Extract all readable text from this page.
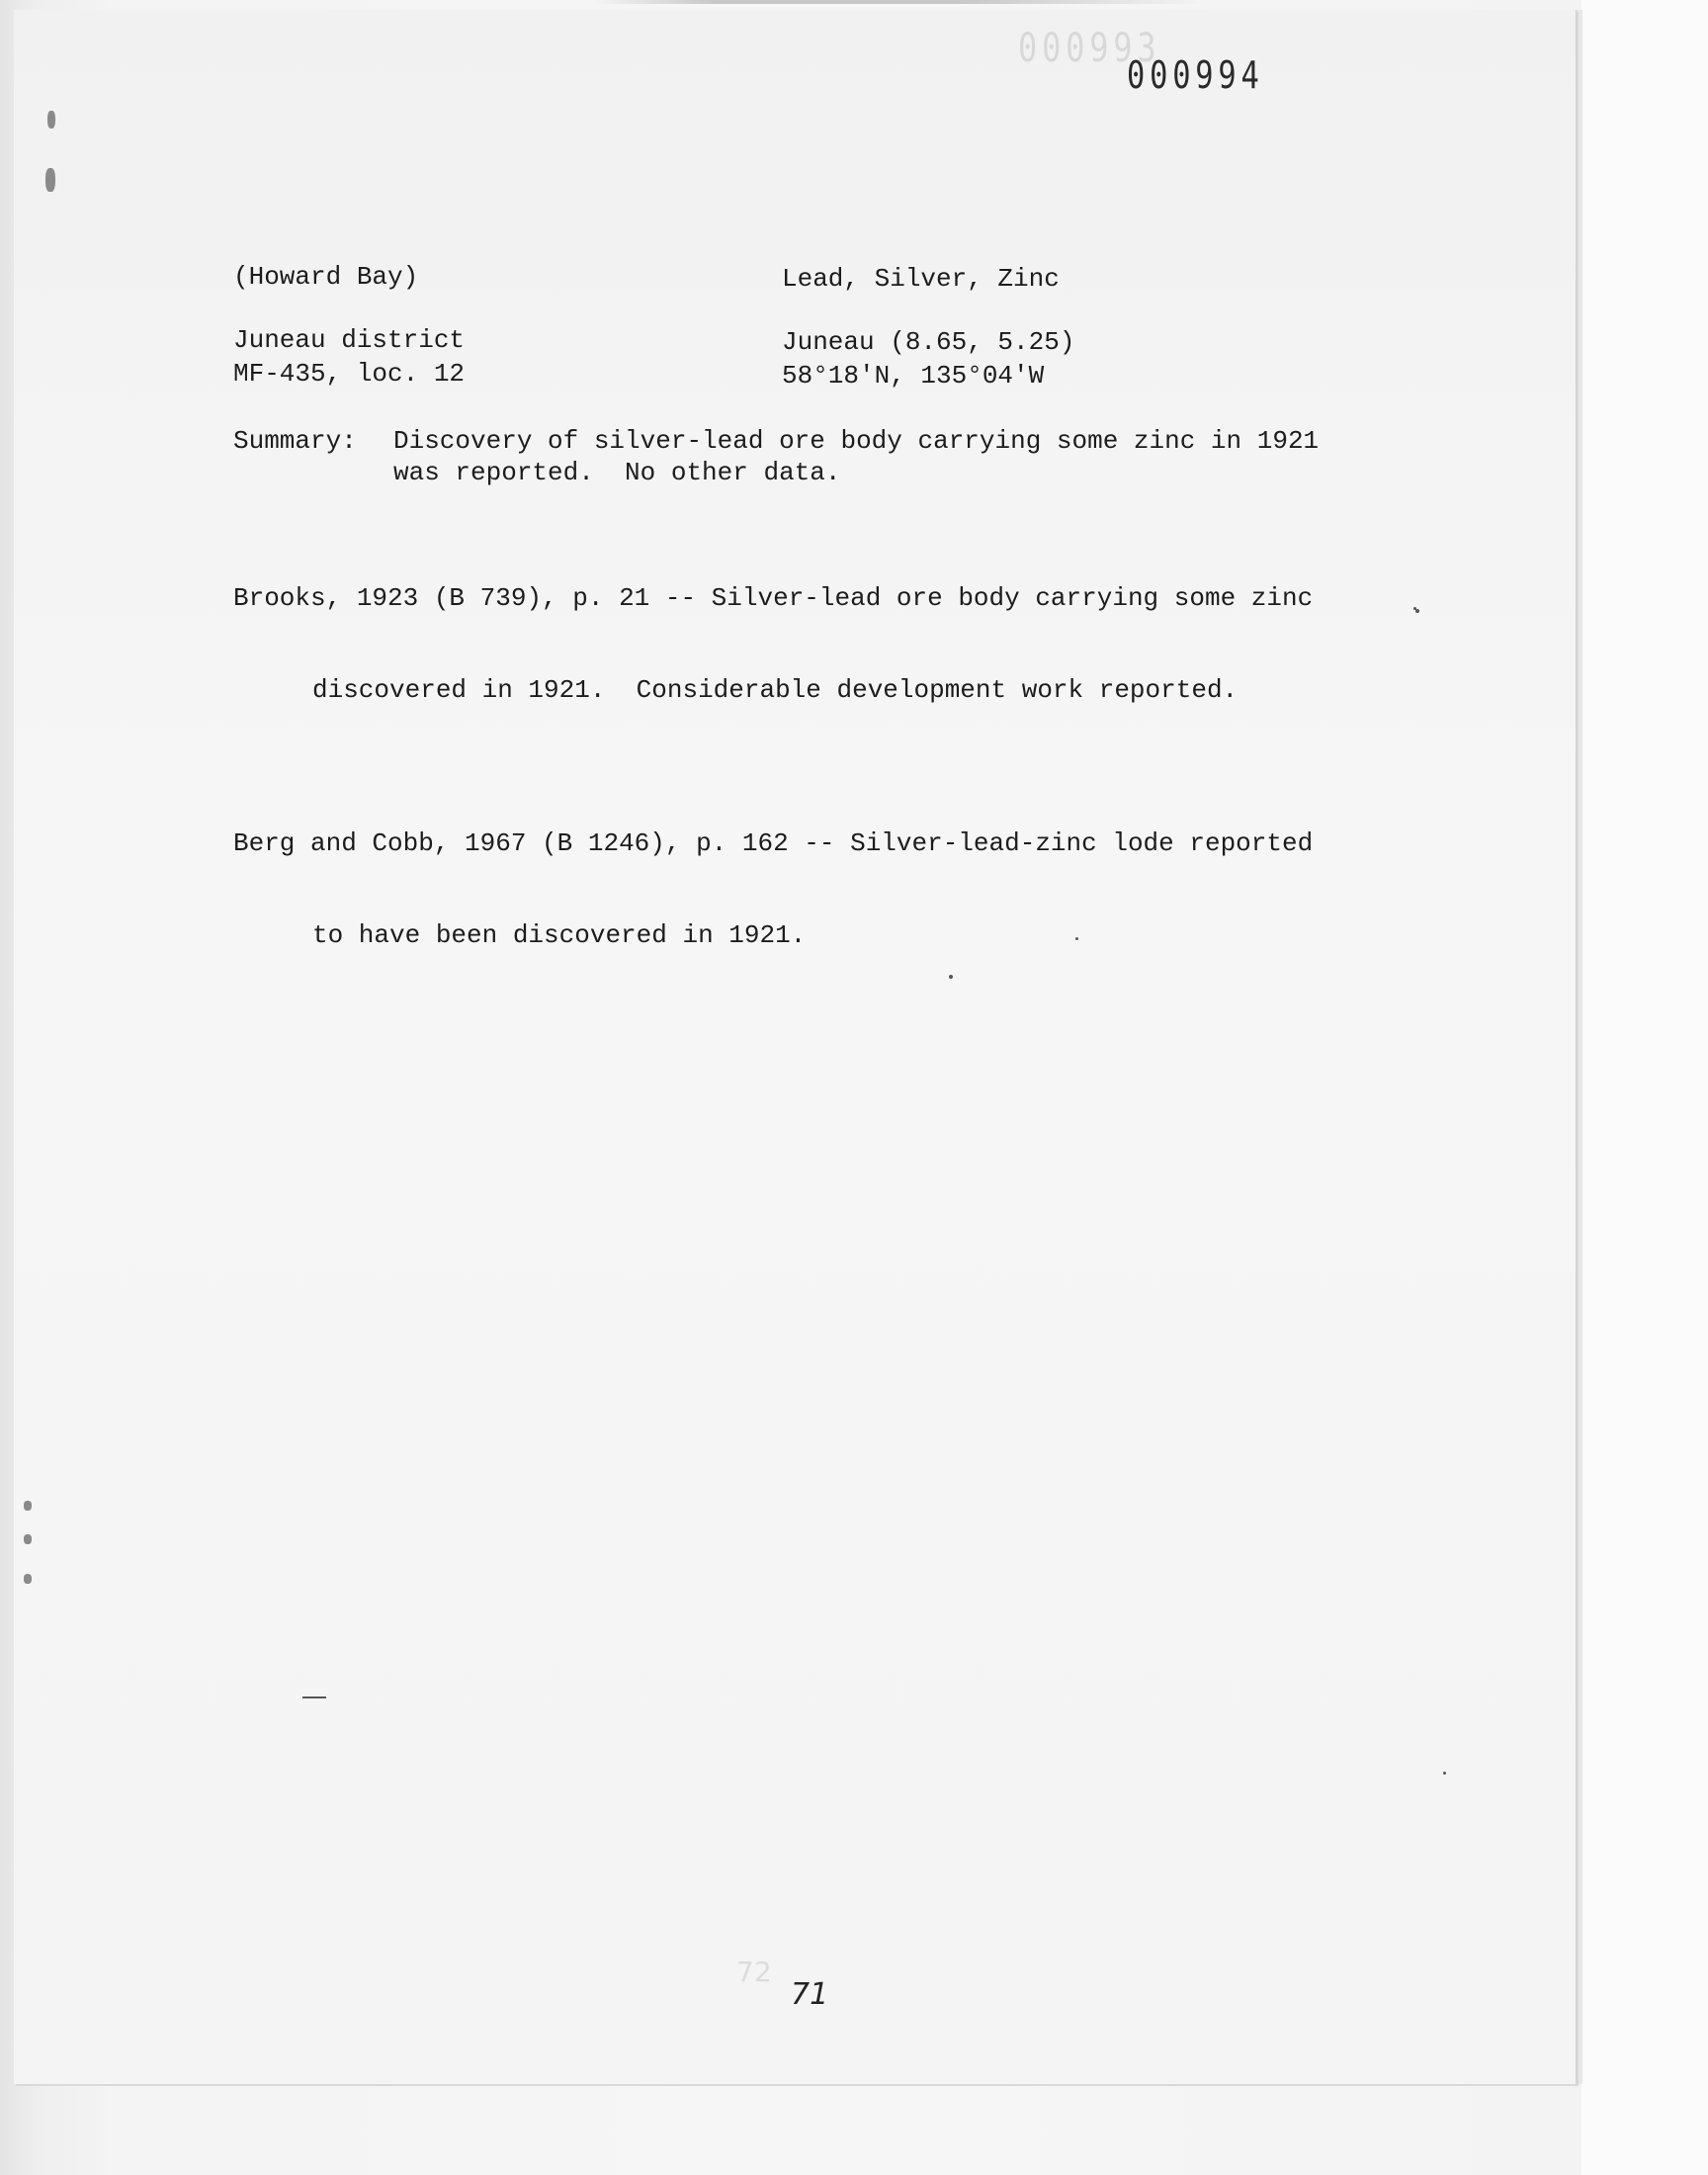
000993
000994
(Howard Bay)	Lead, Silver, Zinc
Juneau district	Juneau (8.65, 5.25)
MF-435, loc. 12	58°18'N, 135°04'W
Summary: Discovery of silver-lead ore body carrying some zinc in 1921
was reported.  No other data.

Brooks, 1923 (B 739), p. 21 -- Silver-lead ore body carrying some zinc

discovered in 1921.  Considerable development work reported.

Berg and Cobb, 1967 (B 1246), p. 162 -- Silver-lead-zinc lode reported

to have been discovered in 1921.

72
71
